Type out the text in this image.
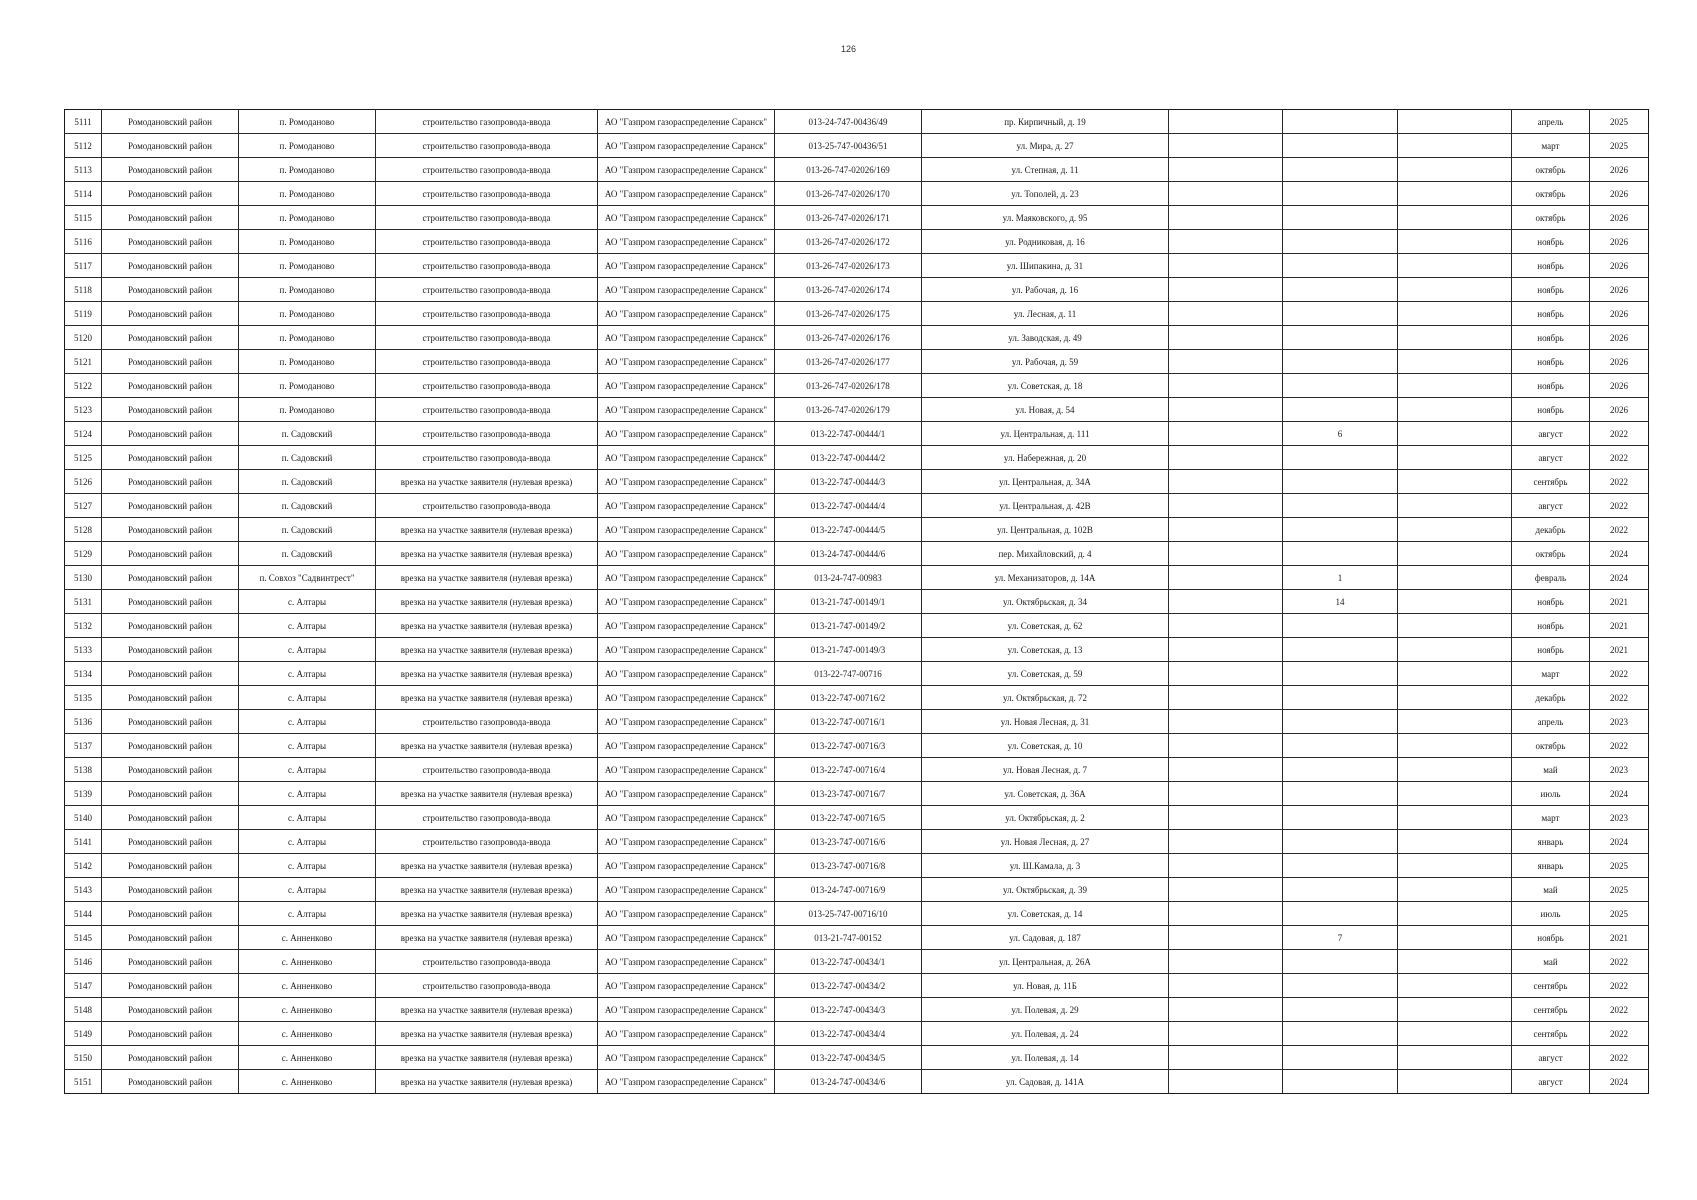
126
5111	Ромодановский район	п. Ромоданово	строительство газопровода-ввода	АО "Газпром газораспределение Саранск"	013-24-747-00436/49	пр. Кирпичный, д. 19				апрель	2025
5112	Ромодановский район	п. Ромоданово	строительство газопровода-ввода	АО "Газпром газораспределение Саранск"	013-25-747-00436/51	ул. Мира, д. 27				март	2025
5113	Ромодановский район	п. Ромоданово	строительство газопровода-ввода	АО "Газпром газораспределение Саранск"	013-26-747-02026/169	ул. Степная, д. 11				октябрь	2026
5114	Ромодановский район	п. Ромоданово	строительство газопровода-ввода	АО "Газпром газораспределение Саранск"	013-26-747-02026/170	ул. Тополей, д. 23				октябрь	2026
5115	Ромодановский район	п. Ромоданово	строительство газопровода-ввода	АО "Газпром газораспределение Саранск"	013-26-747-02026/171	ул. Маяковского, д. 95				октябрь	2026
5116	Ромодановский район	п. Ромоданово	строительство газопровода-ввода	АО "Газпром газораспределение Саранск"	013-26-747-02026/172	ул. Родниковая, д. 16				ноябрь	2026
5117	Ромодановский район	п. Ромоданово	строительство газопровода-ввода	АО "Газпром газораспределение Саранск"	013-26-747-02026/173	ул. Шипакина, д. 31				ноябрь	2026
5118	Ромодановский район	п. Ромоданово	строительство газопровода-ввода	АО "Газпром газораспределение Саранск"	013-26-747-02026/174	ул. Рабочая, д. 16				ноябрь	2026
5119	Ромодановский район	п. Ромоданово	строительство газопровода-ввода	АО "Газпром газораспределение Саранск"	013-26-747-02026/175	ул. Лесная, д. 11				ноябрь	2026
5120	Ромодановский район	п. Ромоданово	строительство газопровода-ввода	АО "Газпром газораспределение Саранск"	013-26-747-02026/176	ул. Заводская, д. 49				ноябрь	2026
5121	Ромодановский район	п. Ромоданово	строительство газопровода-ввода	АО "Газпром газораспределение Саранск"	013-26-747-02026/177	ул. Рабочая, д. 59				ноябрь	2026
5122	Ромодановский район	п. Ромоданово	строительство газопровода-ввода	АО "Газпром газораспределение Саранск"	013-26-747-02026/178	ул. Советская, д. 18				ноябрь	2026
5123	Ромодановский район	п. Ромоданово	строительство газопровода-ввода	АО "Газпром газораспределение Саранск"	013-26-747-02026/179	ул. Новая, д. 54				ноябрь	2026
5124	Ромодановский район	п. Садовский	строительство газопровода-ввода	АО "Газпром газораспределение Саранск"	013-22-747-00444/1	ул. Центральная, д. 111		6		август	2022
5125	Ромодановский район	п. Садовский	строительство газопровода-ввода	АО "Газпром газораспределение Саранск"	013-22-747-00444/2	ул. Набережная, д. 20				август	2022
5126	Ромодановский район	п. Садовский	врезка на участке заявителя (нулевая врезка)	АО "Газпром газораспределение Саранск"	013-22-747-00444/3	ул. Центральная, д. 34А				сентябрь	2022
5127	Ромодановский район	п. Садовский	строительство газопровода-ввода	АО "Газпром газораспределение Саранск"	013-22-747-00444/4	ул. Центральная, д. 42В				август	2022
5128	Ромодановский район	п. Садовский	врезка на участке заявителя (нулевая врезка)	АО "Газпром газораспределение Саранск"	013-22-747-00444/5	ул. Центральная, д. 102В				декабрь	2022
5129	Ромодановский район	п. Садовский	врезка на участке заявителя (нулевая врезка)	АО "Газпром газораспределение Саранск"	013-24-747-00444/6	пер. Михайловский, д. 4				октябрь	2024
5130	Ромодановский район	п. Совхоз "Садвинтрест"	врезка на участке заявителя (нулевая врезка)	АО "Газпром газораспределение Саранск"	013-24-747-00983	ул. Механизаторов, д. 14А		1		февраль	2024
5131	Ромодановский район	с. Алтары	врезка на участке заявителя (нулевая врезка)	АО "Газпром газораспределение Саранск"	013-21-747-00149/1	ул. Октябрьская, д. 34		14		ноябрь	2021
5132	Ромодановский район	с. Алтары	врезка на участке заявителя (нулевая врезка)	АО "Газпром газораспределение Саранск"	013-21-747-00149/2	ул. Советская, д. 62				ноябрь	2021
5133	Ромодановский район	с. Алтары	врезка на участке заявителя (нулевая врезка)	АО "Газпром газораспределение Саранск"	013-21-747-00149/3	ул. Советская, д. 13				ноябрь	2021
5134	Ромодановский район	с. Алтары	врезка на участке заявителя (нулевая врезка)	АО "Газпром газораспределение Саранск"	013-22-747-00716	ул. Советская, д. 59				март	2022
5135	Ромодановский район	с. Алтары	врезка на участке заявителя (нулевая врезка)	АО "Газпром газораспределение Саранск"	013-22-747-00716/2	ул. Октябрьская, д. 72				декабрь	2022
5136	Ромодановский район	с. Алтары	строительство газопровода-ввода	АО "Газпром газораспределение Саранск"	013-22-747-00716/1	ул. Новая Лесная, д. 31				апрель	2023
5137	Ромодановский район	с. Алтары	врезка на участке заявителя (нулевая врезка)	АО "Газпром газораспределение Саранск"	013-22-747-00716/3	ул. Советская, д. 10				октябрь	2022
5138	Ромодановский район	с. Алтары	строительство газопровода-ввода	АО "Газпром газораспределение Саранск"	013-22-747-00716/4	ул. Новая Лесная, д. 7				май	2023
5139	Ромодановский район	с. Алтары	врезка на участке заявителя (нулевая врезка)	АО "Газпром газораспределение Саранск"	013-23-747-00716/7	ул. Советская, д. 36А				июль	2024
5140	Ромодановский район	с. Алтары	строительство газопровода-ввода	АО "Газпром газораспределение Саранск"	013-22-747-00716/5	ул. Октябрьская, д. 2				март	2023
5141	Ромодановский район	с. Алтары	строительство газопровода-ввода	АО "Газпром газораспределение Саранск"	013-23-747-00716/6	ул. Новая Лесная, д. 27				январь	2024
5142	Ромодановский район	с. Алтары	врезка на участке заявителя (нулевая врезка)	АО "Газпром газораспределение Саранск"	013-23-747-00716/8	ул. Ш.Камала, д. 3				январь	2025
5143	Ромодановский район	с. Алтары	врезка на участке заявителя (нулевая врезка)	АО "Газпром газораспределение Саранск"	013-24-747-00716/9	ул. Октябрьская, д. 39				май	2025
5144	Ромодановский район	с. Алтары	врезка на участке заявителя (нулевая врезка)	АО "Газпром газораспределение Саранск"	013-25-747-00716/10	ул. Советская, д. 14				июль	2025
5145	Ромодановский район	с. Анненково	врезка на участке заявителя (нулевая врезка)	АО "Газпром газораспределение Саранск"	013-21-747-00152	ул. Садовая, д. 187		7		ноябрь	2021
5146	Ромодановский район	с. Анненково	строительство газопровода-ввода	АО "Газпром газораспределение Саранск"	013-22-747-00434/1	ул. Центральная, д. 26А				май	2022
5147	Ромодановский район	с. Анненково	строительство газопровода-ввода	АО "Газпром газораспределение Саранск"	013-22-747-00434/2	ул. Новая, д. 11Б				сентябрь	2022
5148	Ромодановский район	с. Анненково	врезка на участке заявителя (нулевая врезка)	АО "Газпром газораспределение Саранск"	013-22-747-00434/3	ул. Полевая, д. 29				сентябрь	2022
5149	Ромодановский район	с. Анненково	врезка на участке заявителя (нулевая врезка)	АО "Газпром газораспределение Саранск"	013-22-747-00434/4	ул. Полевая, д. 24				сентябрь	2022
5150	Ромодановский район	с. Анненково	врезка на участке заявителя (нулевая врезка)	АО "Газпром газораспределение Саранск"	013-22-747-00434/5	ул. Полевая, д. 14				август	2022
5151	Ромодановский район	с. Анненково	врезка на участке заявителя (нулевая врезка)	АО "Газпром газораспределение Саранск"	013-24-747-00434/6	ул. Садовая, д. 141А				август	2024
